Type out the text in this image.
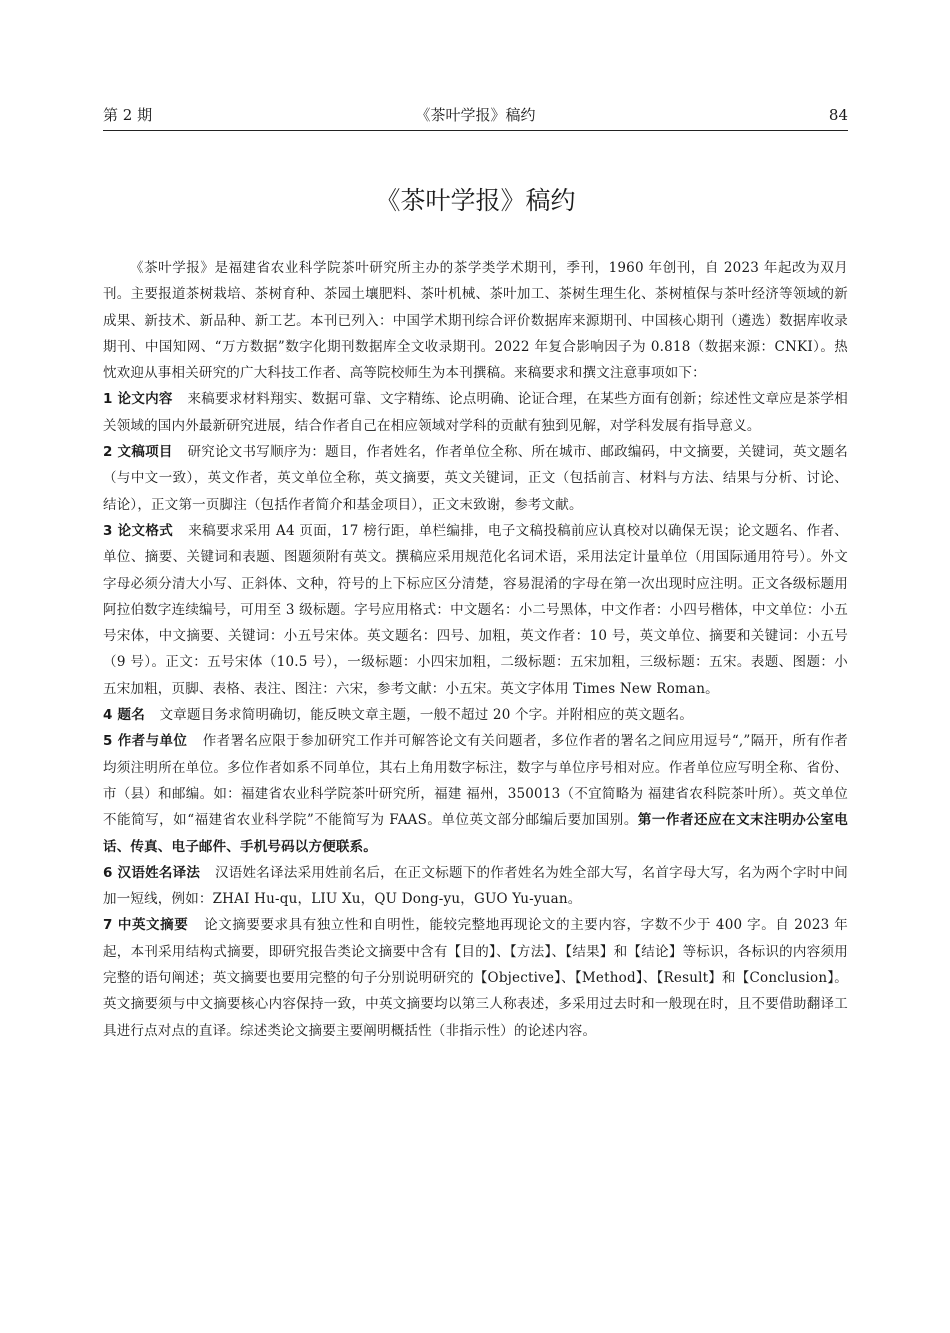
第 2 期	《茶叶学报》稿约	84
《茶叶学报》稿约

《茶叶学报》是福建省农业科学院茶叶研究所主办的茶学类学术期刊，季刊，1960 年创刊，自 2023 年起改为双月刊。主要报道茶树栽培、茶树育种、茶园土壤肥料、茶叶机械、茶叶加工、茶树生理生化、茶树植保与茶叶经济等领域的新成果、新技术、新品种、新工艺。本刊已列入：中国学术期刊综合评价数据库来源期刊、中国核心期刊（遴选）数据库收录期刊、中国知网、“万方数据”数字化期刊数据库全文收录期刊。2022 年复合影响因子为 0.818（数据来源：CNKI）。热忱欢迎从事相关研究的广大科技工作者、高等院校师生为本刊撰稿。来稿要求和撰文注意事项如下：

1 论文内容 来稿要求材料翔实、数据可靠、文字精练、论点明确、论证合理，在某些方面有创新；综述性文章应是茶学相关领域的国内外最新研究进展，结合作者自己在相应领域对学科的贡献有独到见解，对学科发展有指导意义。

2 文稿项目 研究论文书写顺序为：题目，作者姓名，作者单位全称、所在城市、邮政编码，中文摘要，关键词，英文题名（与中文一致），英文作者，英文单位全称，英文摘要，英文关键词，正文（包括前言、材料与方法、结果与分析、讨论、结论），正文第一页脚注（包括作者简介和基金项目），正文末致谢，参考文献。

3 论文格式 来稿要求采用 A4 页面，17 榜行距，单栏编排，电子文稿投稿前应认真校对以确保无误；论文题名、作者、单位、摘要、关键词和表题、图题须附有英文。撰稿应采用规范化名词术语，采用法定计量单位（用国际通用符号）。外文字母必须分清大小写、正斜体、文种，符号的上下标应区分清楚，容易混淆的字母在第一次出现时应注明。正文各级标题用阿拉伯数字连续编号，可用至 3 级标题。字号应用格式：中文题名：小二号黑体，中文作者：小四号楷体，中文单位：小五号宋体，中文摘要、关键词：小五号宋体。英文题名：四号、加粗，英文作者：10 号，英文单位、摘要和关键词：小五号（9 号）。正文：五号宋体（10.5 号），一级标题：小四宋加粗，二级标题：五宋加粗，三级标题：五宋。表题、图题：小五宋加粗，页脚、表格、表注、图注：六宋，参考文献：小五宋。英文字体用 Times New Roman。

4 题名 文章题目务求简明确切，能反映文章主题，一般不超过 20 个字。并附相应的英文题名。

5 作者与单位 作者署名应限于参加研究工作并可解答论文有关问题者，多位作者的署名之间应用逗号“,”隔开，所有作者均须注明所在单位。多位作者如系不同单位，其右上角用数字标注，数字与单位序号相对应。作者单位应写明全称、省份、市（县）和邮编。如：福建省农业科学院茶叶研究所，福建 福州，350013（不宜简略为 福建省农科院茶叶所）。英文单位不能简写，如“福建省农业科学院”不能简写为 FAAS。单位英文部分邮编后要加国别。第一作者还应在文末注明办公室电话、传真、电子邮件、手机号码以方便联系。

6 汉语姓名译法 汉语姓名译法采用姓前名后，在正文标题下的作者姓名为姓全部大写，名首字母大写，名为两个字时中间加一短线，例如：ZHAI Hu-qu，LIU Xu，QU Dong-yu，GUO Yu-yuan。

7 中英文摘要 论文摘要要求具有独立性和自明性，能较完整地再现论文的主要内容，字数不少于 400 字。自 2023 年起，本刊采用结构式摘要，即研究报告类论文摘要中含有【目的】、【方法】、【结果】和【结论】等标识，各标识的内容须用完整的语句阐述；英文摘要也要用完整的句子分别说明研究的【Objective】、【Method】、【Result】和【Conclusion】。英文摘要须与中文摘要核心内容保持一致，中英文摘要均以第三人称表述，多采用过去时和一般现在时，且不要借助翻译工具进行点对点的直译。综述类论文摘要主要阐明概括性（非指示性）的论述内容。
